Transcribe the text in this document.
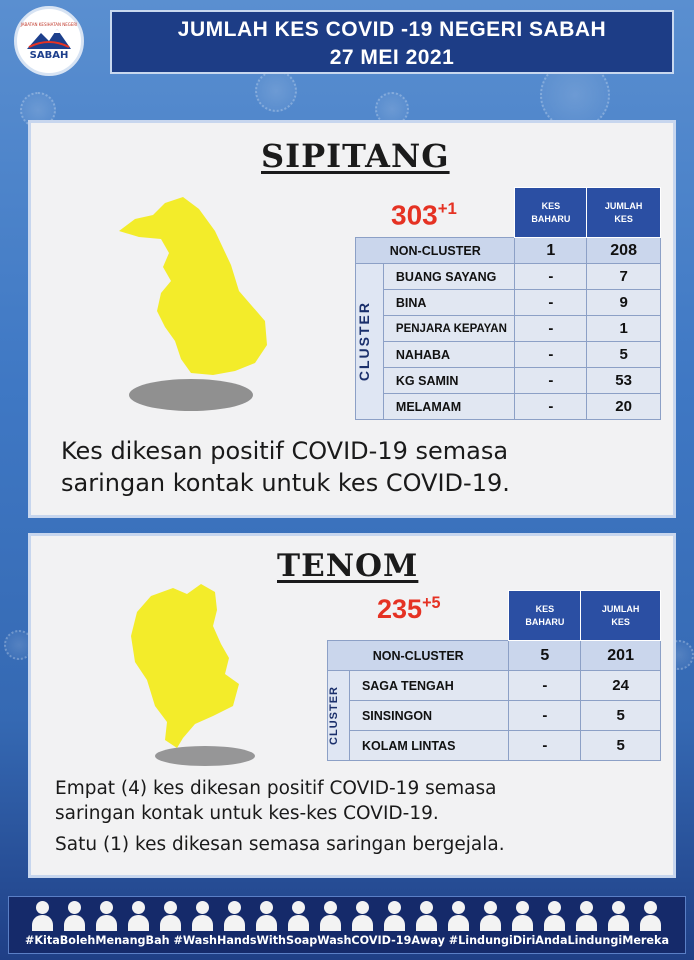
JABATAN KESIHATAN NEGERI
SABAH
JUMLAH KES COVID -19 NEGERI SABAH
27 MEI 2021
SIPITANG
$303^{+1}$
			KES
BAHARU	JUMLAH
KES
NON-CLUSTER		1	208

CLUSTER	BUANG SAYANG	-	7
	BINA	-	9
	PENJARA KEPAYAN	-	1
	NAHABA	-	5
	KG SAMIN	-	53
	MELAMAM	-	20
Kes dikesan positif COVID-19 semasa
saringan kontak untuk kes COVID-19.
TENOM
$235^{+5}$
			KES
BAHARU	JUMLAH
KES
NON-CLUSTER		5	201

CLUSTER	SAGA TENGAH	-	24
	SINSINGON	-	5
	KOLAM LINTAS	-	5
Empat (4) kes dikesan positif COVID-19 semasa
saringan kontak untuk kes-kes COVID-19.
Satu (1) kes dikesan semasa saringan bergejala.
#KitaBolehMenangBah #WashHandsWithSoapWashCOVID-19Away #LindungiDiriAndaLindungiMereka
